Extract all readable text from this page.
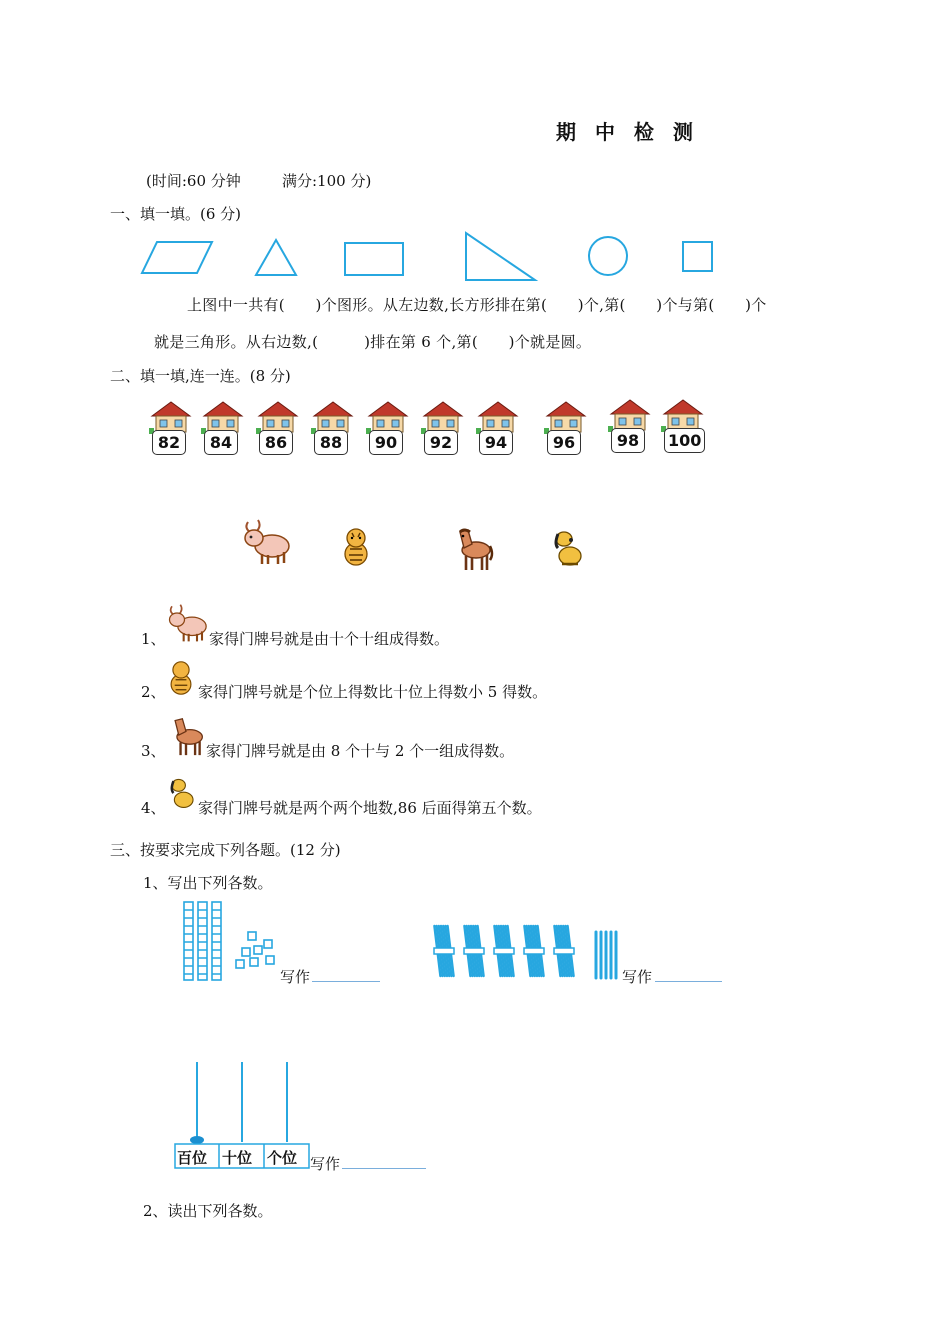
期 中 检 测
(时间:60 分钟	满分:100 分)
一、填一填。(6 分)
上图中一共有(　　)个图形。从左边数,长方形排在第(　　)个,第(　　)个与第(　　)个
就是三角形。从右边数,(　　　)排在第 6 个,第(　　)个就是圆。
二、填一填,连一连。(8 分)
82	84	86	88	90	92	94	96	98	100
1、	家得门牌号就是由十个十组成得数。
2、 家得门牌号就是个位上得数比十位上得数小 5 得数。
3、	家得门牌号就是由 8 个十与 2 个一组成得数。
4、 家得门牌号就是两个两个地数,86 后面得第五个数。
三、按要求完成下列各题。(12 分)
1、写出下列各数。
写作	写作
百位 十位 个位 写作
2、读出下列各数。
